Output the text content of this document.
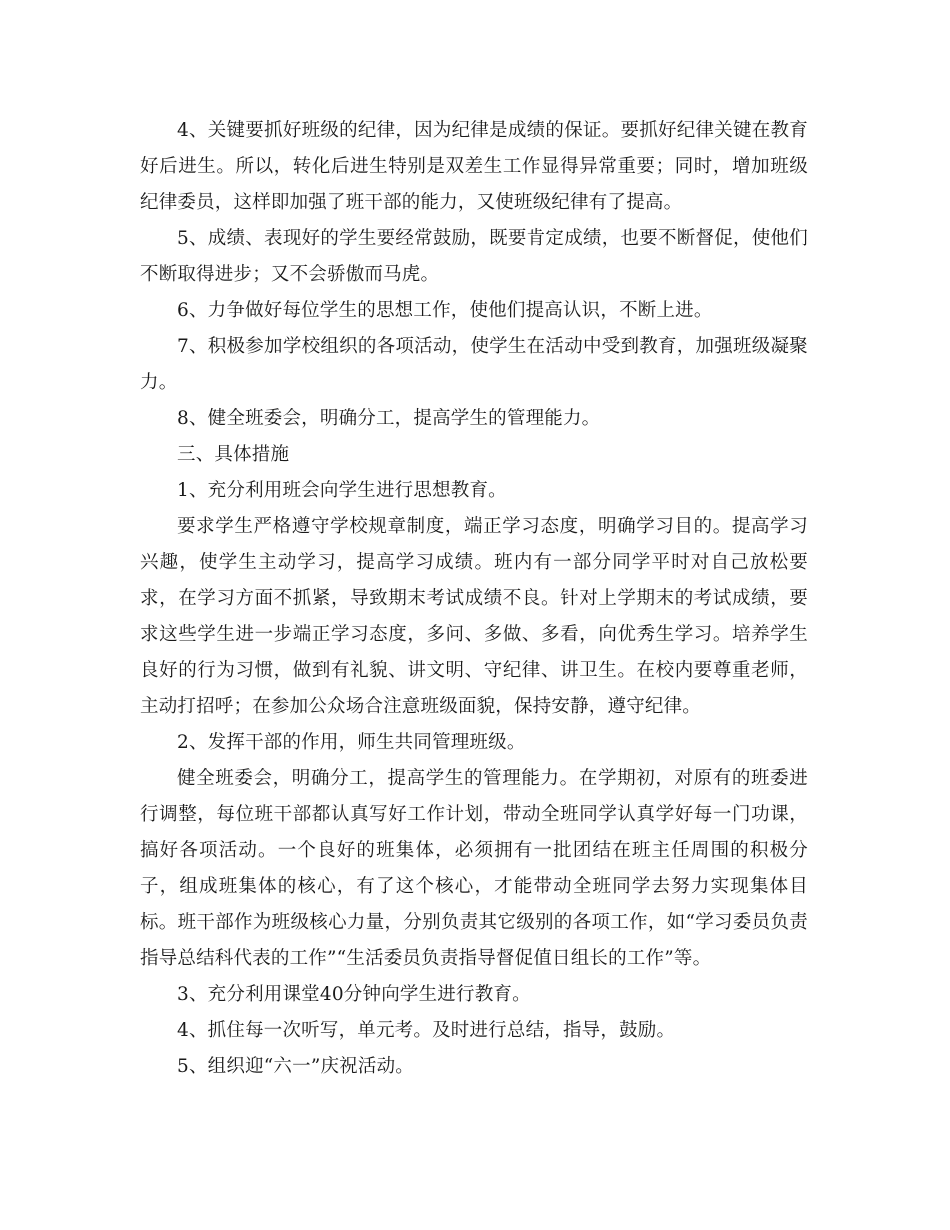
4、关键要抓好班级的纪律，因为纪律是成绩的保证。要抓好纪律关键在教育好后进生。所以，转化后进生特别是双差生工作显得异常重要；同时，增加班级纪律委员，这样即加强了班干部的能力，又使班级纪律有了提高。

5、成绩、表现好的学生要经常鼓励，既要肯定成绩，也要不断督促，使他们不断取得进步；又不会骄傲而马虎。

6、力争做好每位学生的思想工作，使他们提高认识，不断上进。

7、积极参加学校组织的各项活动，使学生在活动中受到教育，加强班级凝聚力。

8、健全班委会，明确分工，提高学生的管理能力。

三、具体措施

1、充分利用班会向学生进行思想教育。

要求学生严格遵守学校规章制度，端正学习态度，明确学习目的。提高学习兴趣，使学生主动学习，提高学习成绩。班内有一部分同学平时对自己放松要求，在学习方面不抓紧，导致期末考试成绩不良。针对上学期末的考试成绩，要求这些学生进一步端正学习态度，多问、多做、多看，向优秀生学习。培养学生良好的行为习惯，做到有礼貌、讲文明、守纪律、讲卫生。在校内要尊重老师，主动打招呼；在参加公众场合注意班级面貌，保持安静，遵守纪律。

2、发挥干部的作用，师生共同管理班级。

健全班委会，明确分工，提高学生的管理能力。在学期初，对原有的班委进行调整，每位班干部都认真写好工作计划，带动全班同学认真学好每一门功课，搞好各项活动。一个良好的班集体，必须拥有一批团结在班主任周围的积极分子，组成班集体的核心，有了这个核心，才能带动全班同学去努力实现集体目标。班干部作为班级核心力量，分别负责其它级别的各项工作，如“学习委员负责指导总结科代表的工作”“生活委员负责指导督促值日组长的工作”等。

3、充分利用课堂40分钟向学生进行教育。

4、抓住每一次听写，单元考。及时进行总结，指导，鼓励。

5、组织迎“六一”庆祝活动。
